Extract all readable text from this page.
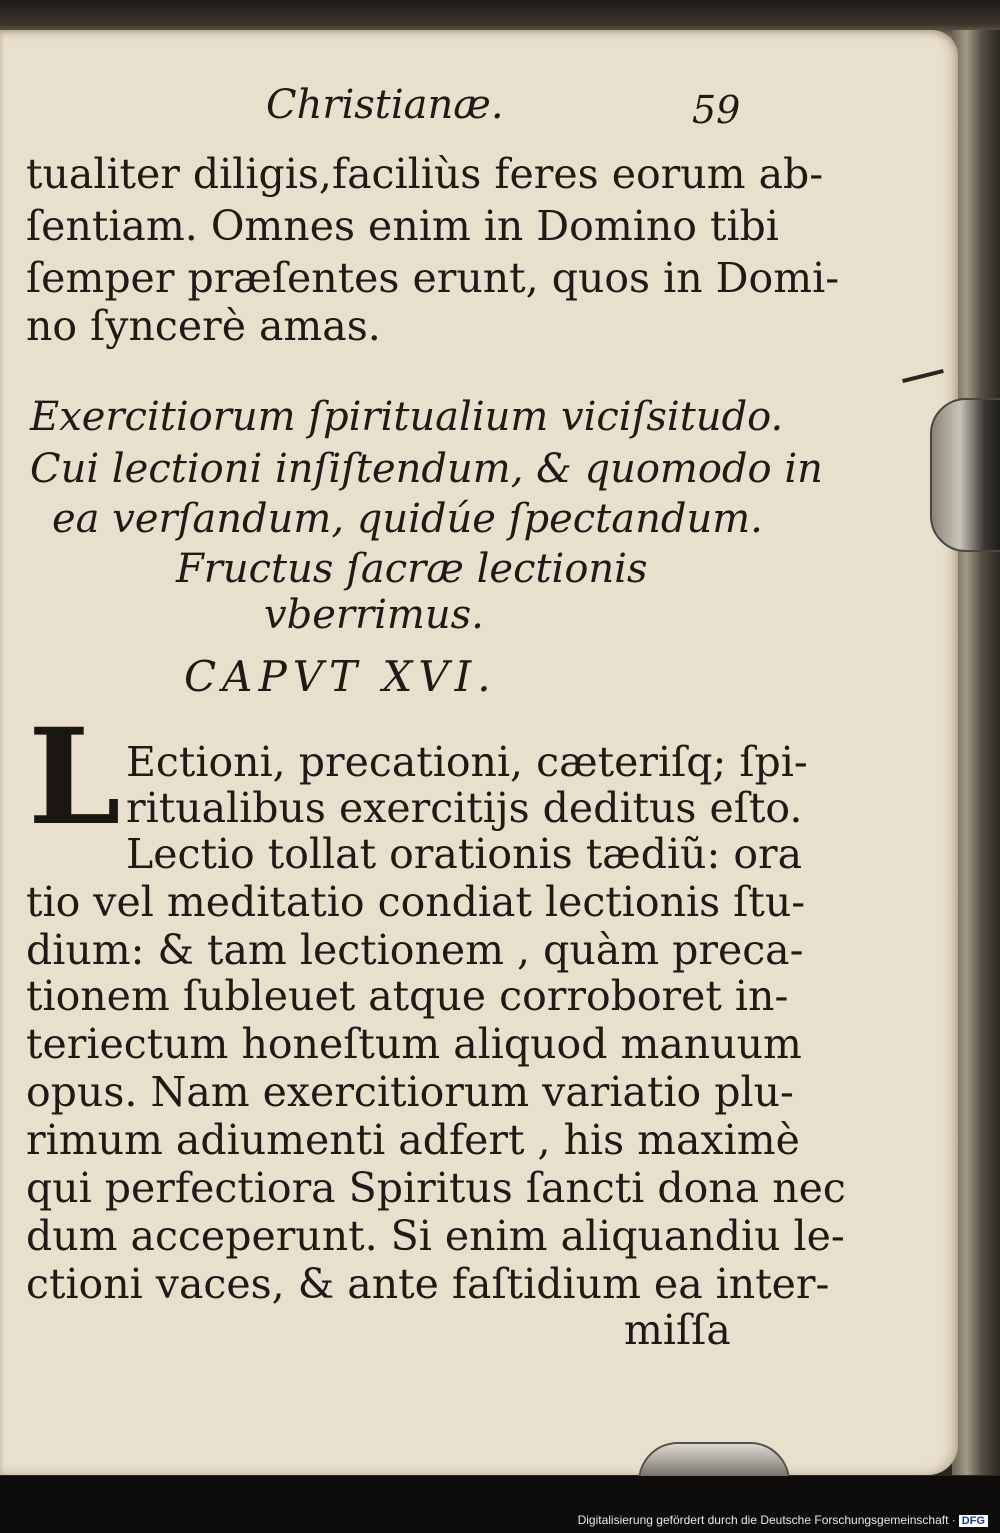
Christianæ.	59
tualiter diligis,faciliùs feres eorum ab-
ſentiam. Omnes enim in Domino tibi
ſemper præſentes erunt, quos in Domi-
no ſyncerè amas.
Exercitiorum ſpiritualium viciſsitudo.
Cui lectioni inſiſtendum, & quomodo in
ea verſandum, quidúe ſpectandum.
Fructus ſacræ lectionis
vberrimus.
CAPVT XVI.
L Ectioni, precationi, cæteriſq; ſpi-
ritualibus exercitijs deditus eſto.
Lectio tollat orationis tædiũ: ora
tio vel meditatio condiat lectionis ſtu-
dium: & tam lectionem , quàm preca-
tionem ſubleuet atque corroboret in-
teriectum honeſtum aliquod manuum
opus. Nam exercitiorum variatio plu-
rimum adiumenti adfert , his maximè
qui perfectiora Spiritus ſancti dona nec
dum acceperunt. Si enim aliquandiu le-
ctioni vaces, & ante faſtidium ea inter-
miſſa
Digitalisierung gefördert durch die Deutsche Forschungsgemeinschaft · DFG
